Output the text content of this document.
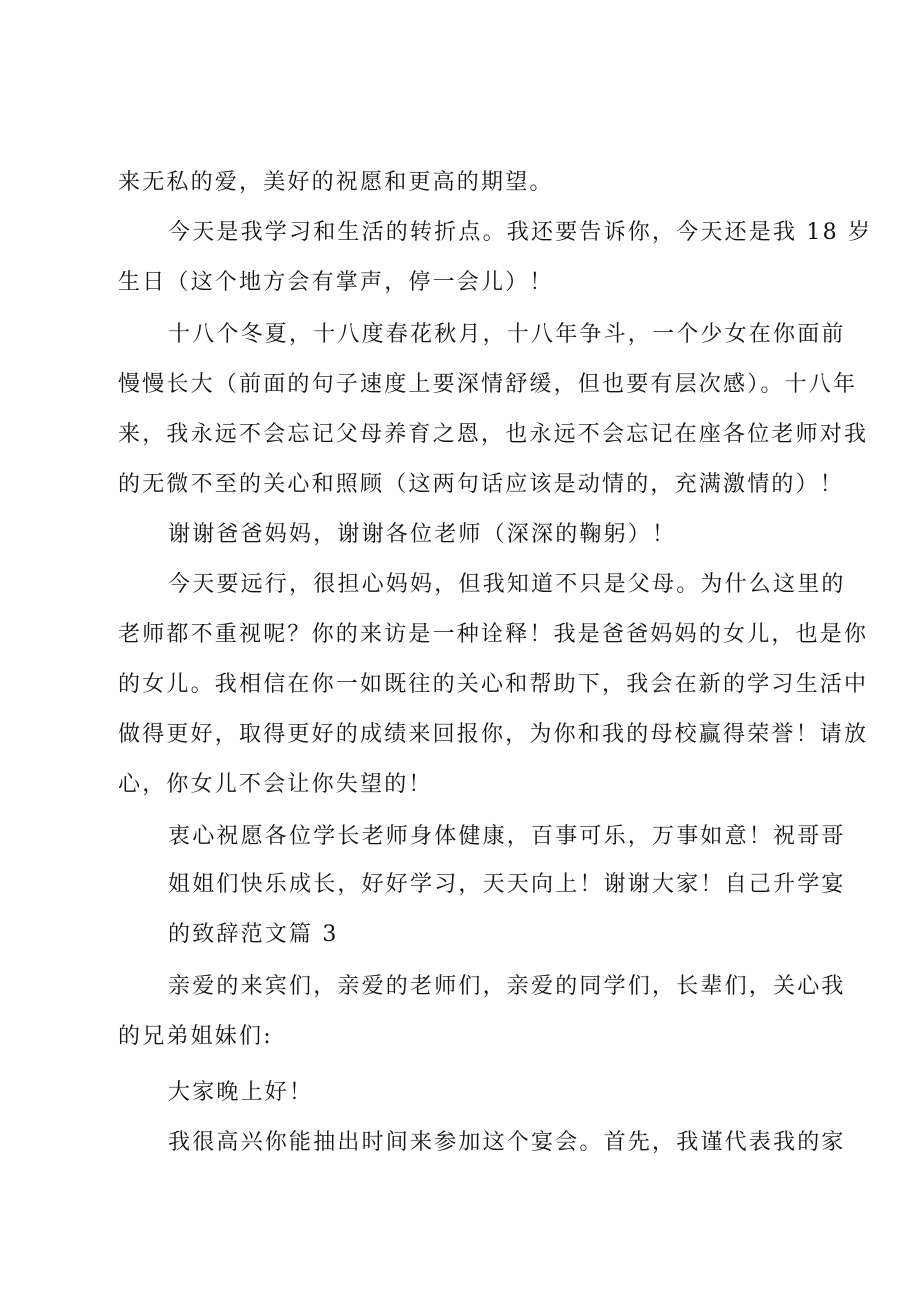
来无私的爱，美好的祝愿和更高的期望。
今天是我学习和生活的转折点。我还要告诉你，今天还是我 18 岁
生日（这个地方会有掌声，停一会儿）！
十八个冬夏，十八度春花秋月，十八年争斗，一个少女在你面前
慢慢长大（前面的句子速度上要深情舒缓，但也要有层次感）。十八年
来，我永远不会忘记父母养育之恩，也永远不会忘记在座各位老师对我
的无微不至的关心和照顾（这两句话应该是动情的，充满激情的）！
谢谢爸爸妈妈，谢谢各位老师（深深的鞠躬）！
今天要远行，很担心妈妈，但我知道不只是父母。为什么这里的
老师都不重视呢？你的来访是一种诠释！我是爸爸妈妈的女儿，也是你
的女儿。我相信在你一如既往的关心和帮助下，我会在新的学习生活中
做得更好，取得更好的成绩来回报你，为你和我的母校赢得荣誉！请放
心，你女儿不会让你失望的！
衷心祝愿各位学长老师身体健康，百事可乐，万事如意！祝哥哥
姐姐们快乐成长，好好学习，天天向上！谢谢大家！自己升学宴
的致辞范文篇 3
亲爱的来宾们，亲爱的老师们，亲爱的同学们，长辈们，关心我
的兄弟姐妹们:
大家晚上好！
我很高兴你能抽出时间来参加这个宴会。首先，我谨代表我的家
